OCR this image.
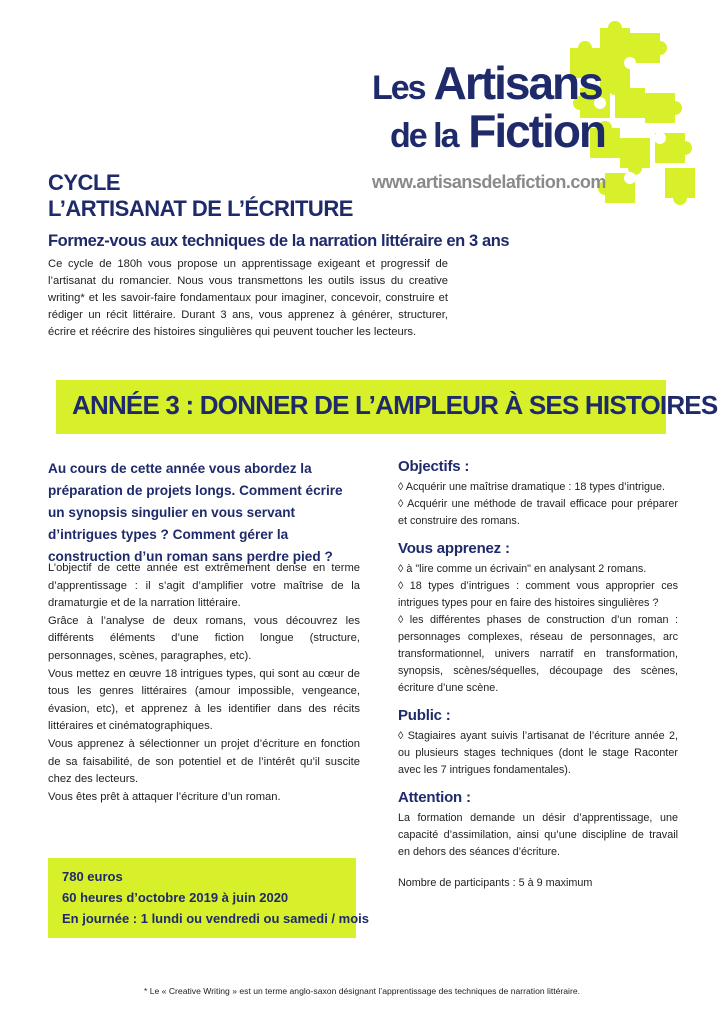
Les Artisans
de la Fiction
www.artisansdelafiction.com
CYCLE
L’ARTISANAT DE L’ÉCRITURE
Formez-vous aux techniques de la narration littéraire en 3 ans
Ce cycle de 180h vous propose un apprentissage exigeant et progressif de l’artisanat du romancier. Nous vous transmettons les outils issus du creative writing* et les savoir-faire fondamentaux pour imaginer, concevoir, construire et rédiger un récit littéraire. Durant 3 ans, vous apprenez à générer, structurer, écrire et réécrire des histoires singulières qui peuvent toucher les lecteurs.
ANNÉE 3 : DONNER DE L’AMPLEUR À SES HISTOIRES
Au cours de cette année vous abordez la préparation de projets longs. Comment écrire un synopsis singulier en vous servant d’intrigues types ? Comment gérer la construction d’un roman sans perdre pied ?

L’objectif de cette année est extrêmement dense en terme d’apprentissage : il s’agit d’amplifier votre maîtrise de la dramaturgie et de la narration littéraire.

Grâce à l’analyse de deux romans, vous découvrez les différents éléments d’une fiction longue (structure, personnages, scènes, paragraphes, etc).

Vous mettez en œuvre 18 intrigues types, qui sont au cœur de tous les genres littéraires (amour impossible, vengeance, évasion, etc), et apprenez à les identifier dans des récits littéraires et cinématographiques.

Vous apprenez à sélectionner un projet d’écriture en fonction de sa faisabilité, de son potentiel et de l’intérêt qu’il suscite chez des lecteurs.

Vous êtes prêt à attaquer l’écriture d’un roman.

780 euros
60 heures d’octobre 2019 à juin 2020
En journée : 1 lundi ou vendredi ou samedi / mois
Objectifs :

◊ Acquérir une maîtrise dramatique : 18 types d’intrigue.

◊ Acquérir une méthode de travail efficace pour préparer et construire des romans.

Vous apprenez :

◊ à "lire comme un écrivain" en analysant 2 romans.

◊ 18 types d’intrigues : comment vous approprier ces intrigues types pour en faire des histoires singulières ?

◊ les différentes phases de construction d’un roman : personnages complexes, réseau de personnages, arc transformationnel, univers narratif en transformation, synopsis, scènes/séquelles, découpage des scènes, écriture d’une scène.

Public :

◊ Stagiaires ayant suivis l’artisanat de l’écriture année 2, ou plusieurs stages techniques (dont le stage Raconter avec les 7 intrigues fondamentales).

Attention :

La formation demande un désir d’apprentissage, une capacité d’assimilation, ainsi qu’une discipline de travail en dehors des séances d’écriture.

Nombre de participants : 5 à 9 maximum

* Le « Creative Writing » est un terme anglo-saxon désignant l’apprentissage des techniques de narration littéraire.
